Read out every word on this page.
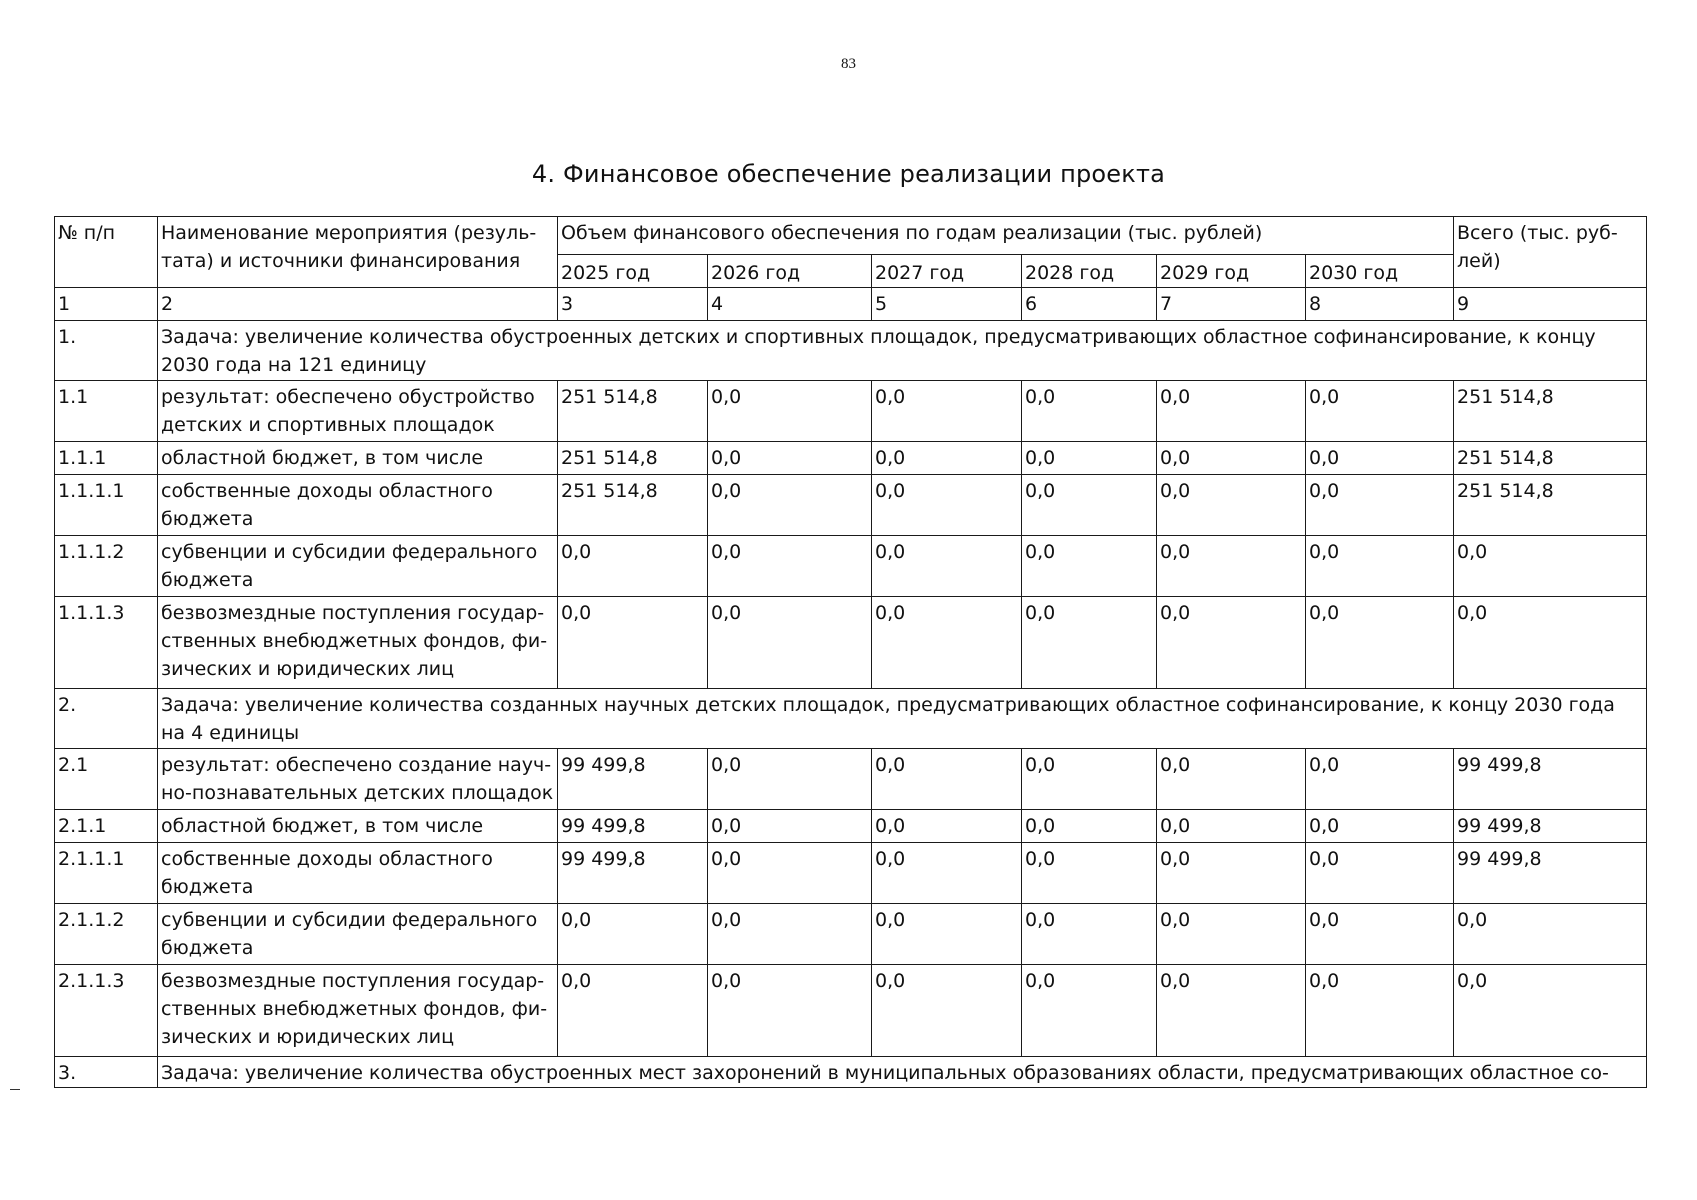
83
4. Финансовое обеспечение реализации проекта
№ п/п	Наименование мероприятия (резуль-тата) и источники финансирования	Объем финансового обеспечения по годам реализации (тыс. рублей)						Всего (тыс. руб-лей)
		2025 год	2026 год	2027 год	2028 год	2029 год	2030 год	
1	2	3	4	5	6	7	8	9
1.	Задача: увеличение количества обустроенных детских и спортивных площадок, предусматривающих областное софинансирование, к концу 2030 года на 121 единицу							
1.1	результат: обеспечено обустройство детских и спортивных площадок	251 514,8	0,0	0,0	0,0	0,0	0,0	251 514,8
1.1.1	областной бюджет, в том числе	251 514,8	0,0	0,0	0,0	0,0	0,0	251 514,8
1.1.1.1	собственные доходы областного бюджета	251 514,8	0,0	0,0	0,0	0,0	0,0	251 514,8
1.1.1.2	субвенции и субсидии федерального бюджета	0,0	0,0	0,0	0,0	0,0	0,0	0,0
1.1.1.3	безвозмездные поступления государ-ственных внебюджетных фондов, фи-зических и юридических лиц	0,0	0,0	0,0	0,0	0,0	0,0	0,0
2.	Задача: увеличение количества созданных научных детских площадок, предусматривающих областное софинансирование, к концу 2030 года на 4 единицы							
2.1	результат: обеспечено создание науч-но-познавательных детских площадок	99 499,8	0,0	0,0	0,0	0,0	0,0	99 499,8
2.1.1	областной бюджет, в том числе	99 499,8	0,0	0,0	0,0	0,0	0,0	99 499,8
2.1.1.1	собственные доходы областного бюджета	99 499,8	0,0	0,0	0,0	0,0	0,0	99 499,8
2.1.1.2	субвенции и субсидии федерального бюджета	0,0	0,0	0,0	0,0	0,0	0,0	0,0
2.1.1.3	безвозмездные поступления государ-ственных внебюджетных фондов, фи-зических и юридических лиц	0,0	0,0	0,0	0,0	0,0	0,0	0,0
3.	Задача: увеличение количества обустроенных мест захоронений в муниципальных образованиях области, предусматривающих областное со-							
